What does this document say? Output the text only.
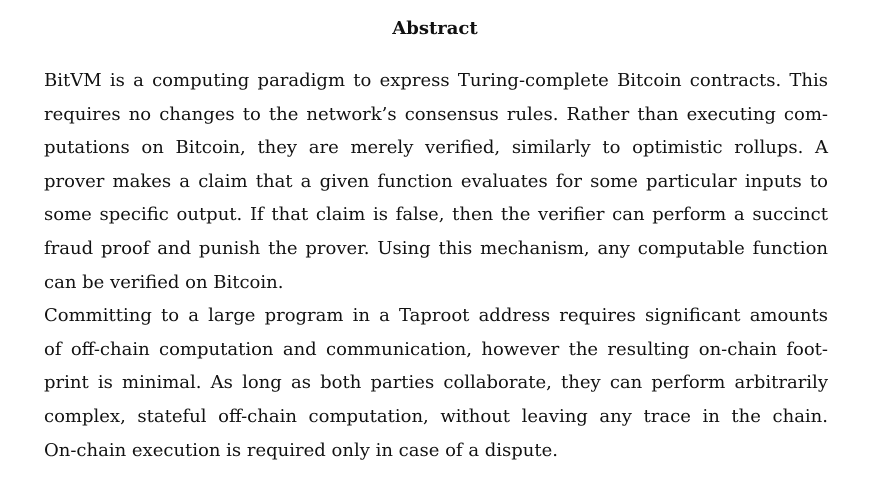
Abstract
BitVM is a computing paradigm to express Turing-complete Bitcoin contracts. This
requires no changes to the network’s consensus rules. Rather than executing com-
putations on Bitcoin, they are merely verified, similarly to optimistic rollups. A
prover makes a claim that a given function evaluates for some particular inputs to
some specific output. If that claim is false, then the verifier can perform a succinct
fraud proof and punish the prover. Using this mechanism, any computable function
can be verified on Bitcoin.
Committing to a large program in a Taproot address requires significant amounts
of off-chain computation and communication, however the resulting on-chain foot-
print is minimal. As long as both parties collaborate, they can perform arbitrarily
complex, stateful off-chain computation, without leaving any trace in the chain.
On-chain execution is required only in case of a dispute.
